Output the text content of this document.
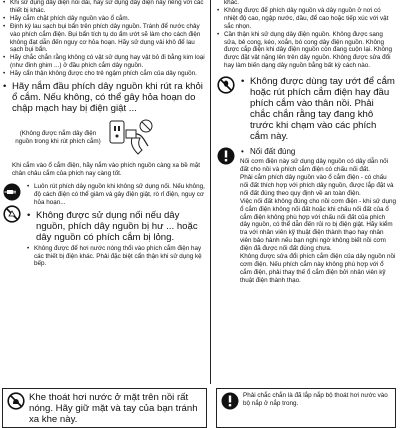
• Khi sử dụng dây điện nối dài, hãy sử dụng dây điện này riêng với các thiết bị khác.
• Hãy cắm chặt phích dây nguồn vào ổ cắm.
• Định kỳ lau sạch bụi bẩn trên phích dây nguồn. Tránh để nước chảy vào phích cắm điện. Bụi bẩn tích tụ do ẩm ướt sẽ làm cho cách điện không đạt dẫn đến nguy cơ hỏa hoạn. Hãy sử dụng vải khô để lau sạch bụi bẩn.
• Hãy chắc chắn rằng không có vật sử dụng hay vật bỏ đi bằng kim loại (như đinh ghim ...) ở đầu phích cắm dây nguồn.
• Hãy cẩn thận không được cho trẻ ngậm phích cắm của dây nguồn.
• Hãy nắm đầu phích dây nguồn khi rút ra khỏi ổ cắm. Nếu không, có thể gây hỏa hoạn do chập mạch hay bị điện giật ...
(Không được nắm dây điện nguồn trong khi rút phích cắm)
Khi cắm vào ổ cắm điện, hãy nắm vào phích nguồn càng xa bề mặt chân châu cắm của phích nay càng tốt.
• Luôn rút phích dây nguồn khi không sử dụng nối. Nếu không, độ cách điện có thể giảm và gây điện giật, rò rỉ điện, nguy cơ hỏa hoạn...
• Không được sử dụng nối nếu dây nguồn, phích dây nguồn bị hư ... hoặc dây nguồn có phích cắm bị lỏng.
• Không được để hơi nước nóng thổi vào phích cắm điện hay các thiết bị điện khác. Phải đặc biệt cẩn thận khi sử dụng kệ bếp.
khác.
• Không được để phích dây nguồn và dây nguồn ở nơi có nhiệt độ cao, ngập nước, dầu, để cao hoặc tiếp xúc với vật sắc nhọn.
• Cần thận khi sử dụng dây điện nguồn. Không được sang sửa, bẻ cong, kéo, xoắn, bó cong dây điện nguồn. Không được cắp điện khi dây điện nguồn còn đang cuộn lại. Không được đặt vật nặng lên trên dây nguồn. Không được sửa đổi hay làm biến dạng dây nguồn bằng bất kỳ cách nào.
• Không được dùng tay ướt để cắm hoặc rút phích cắm điện hay đầu phích cắm vào thân nồi. Phải chắc chắn rằng tay đang khô trước khi chạm vào các phích cắm này.
• Nối đất đúng
Nối cơm điện này sử dụng dây nguồn có dây dẫn nối đất cho nồi và phích cắm điện có chấu nối đất.
Phải cắm phích dây nguồn vào ổ cắm điện - có chấu nối đất thích hợp với phích dây nguồn, được lắp đặt và nối đất đúng theo quy định về an toàn điện.
Việc nối đất không đúng cho nồi cơm điện - khi sử dụng ổ cắm điện không nối đất hoặc khi chấu nối đất của ổ cắm điện không phù hợp với chấu nối đất của phích dây nguồn, có thể dẫn đến rủi ro bị điện giật. Hãy kiểm tra với nhân viên kỹ thuật điện thành thạo hay nhân viên bảo hành nếu bạn nghi ngờ không biết nồi cơm điện đã được nối đất đúng chưa.
Không được sửa đổi phích cắm điện của dây nguồn nồi cơm điện. Nếu phích cắm này không phù hợp với ổ cắm điện, phải thay thế ổ cắm điện bởi nhân viên kỹ thuật điện thành thạo.
Khe thoát hơi nước ở mặt trên nồi rất nóng. Hãy giữ mặt và tay của bạn tránh xa khe này.
Phải chắc chắn là đã lắp nắp bộ thoát hơi nước vào bộ nắp ở nắp trong.
